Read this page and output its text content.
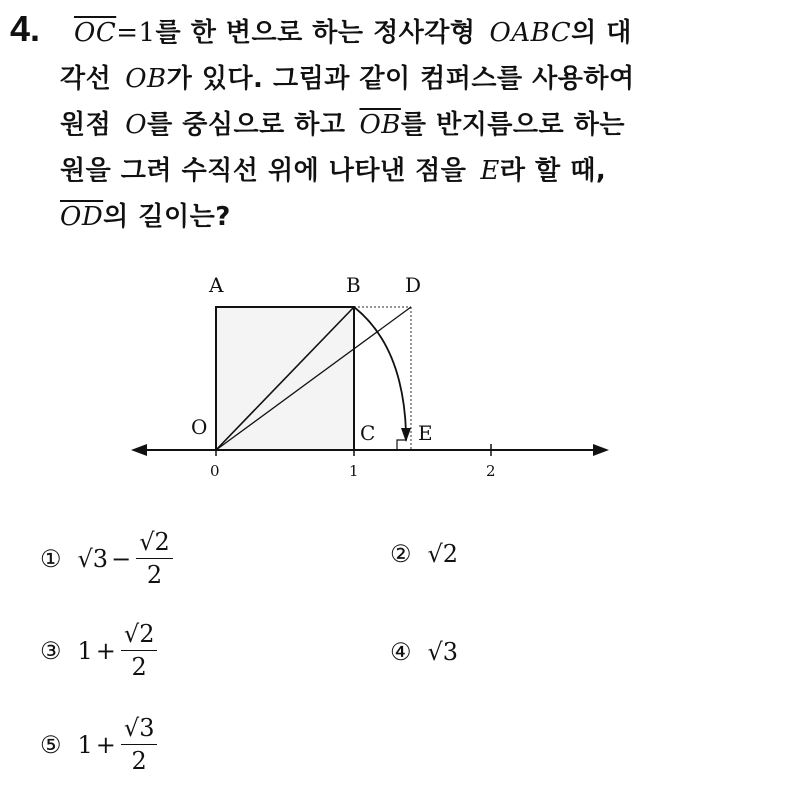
4.	$\overline{OC}=1$를 한 변으로 하는 정사각형 OABC의 대
각선 OB가 있다. 그림과 같이 컴퍼스를 사용하여
원점 O를 중심으로 하고 $\overline{OB}$를 반지름으로 하는
원을 그려 수직선 위에 나타낸 점을 E라 할 때,
$\overline{OD}$의 길이는?
A	B D
O	C E
0	1	2
① $√3 - \frac{√2}{2}$	② √2
③ $1 + \frac{√2}{2}$	④ √3
⑤ $1 + \frac{√3}{2}$
